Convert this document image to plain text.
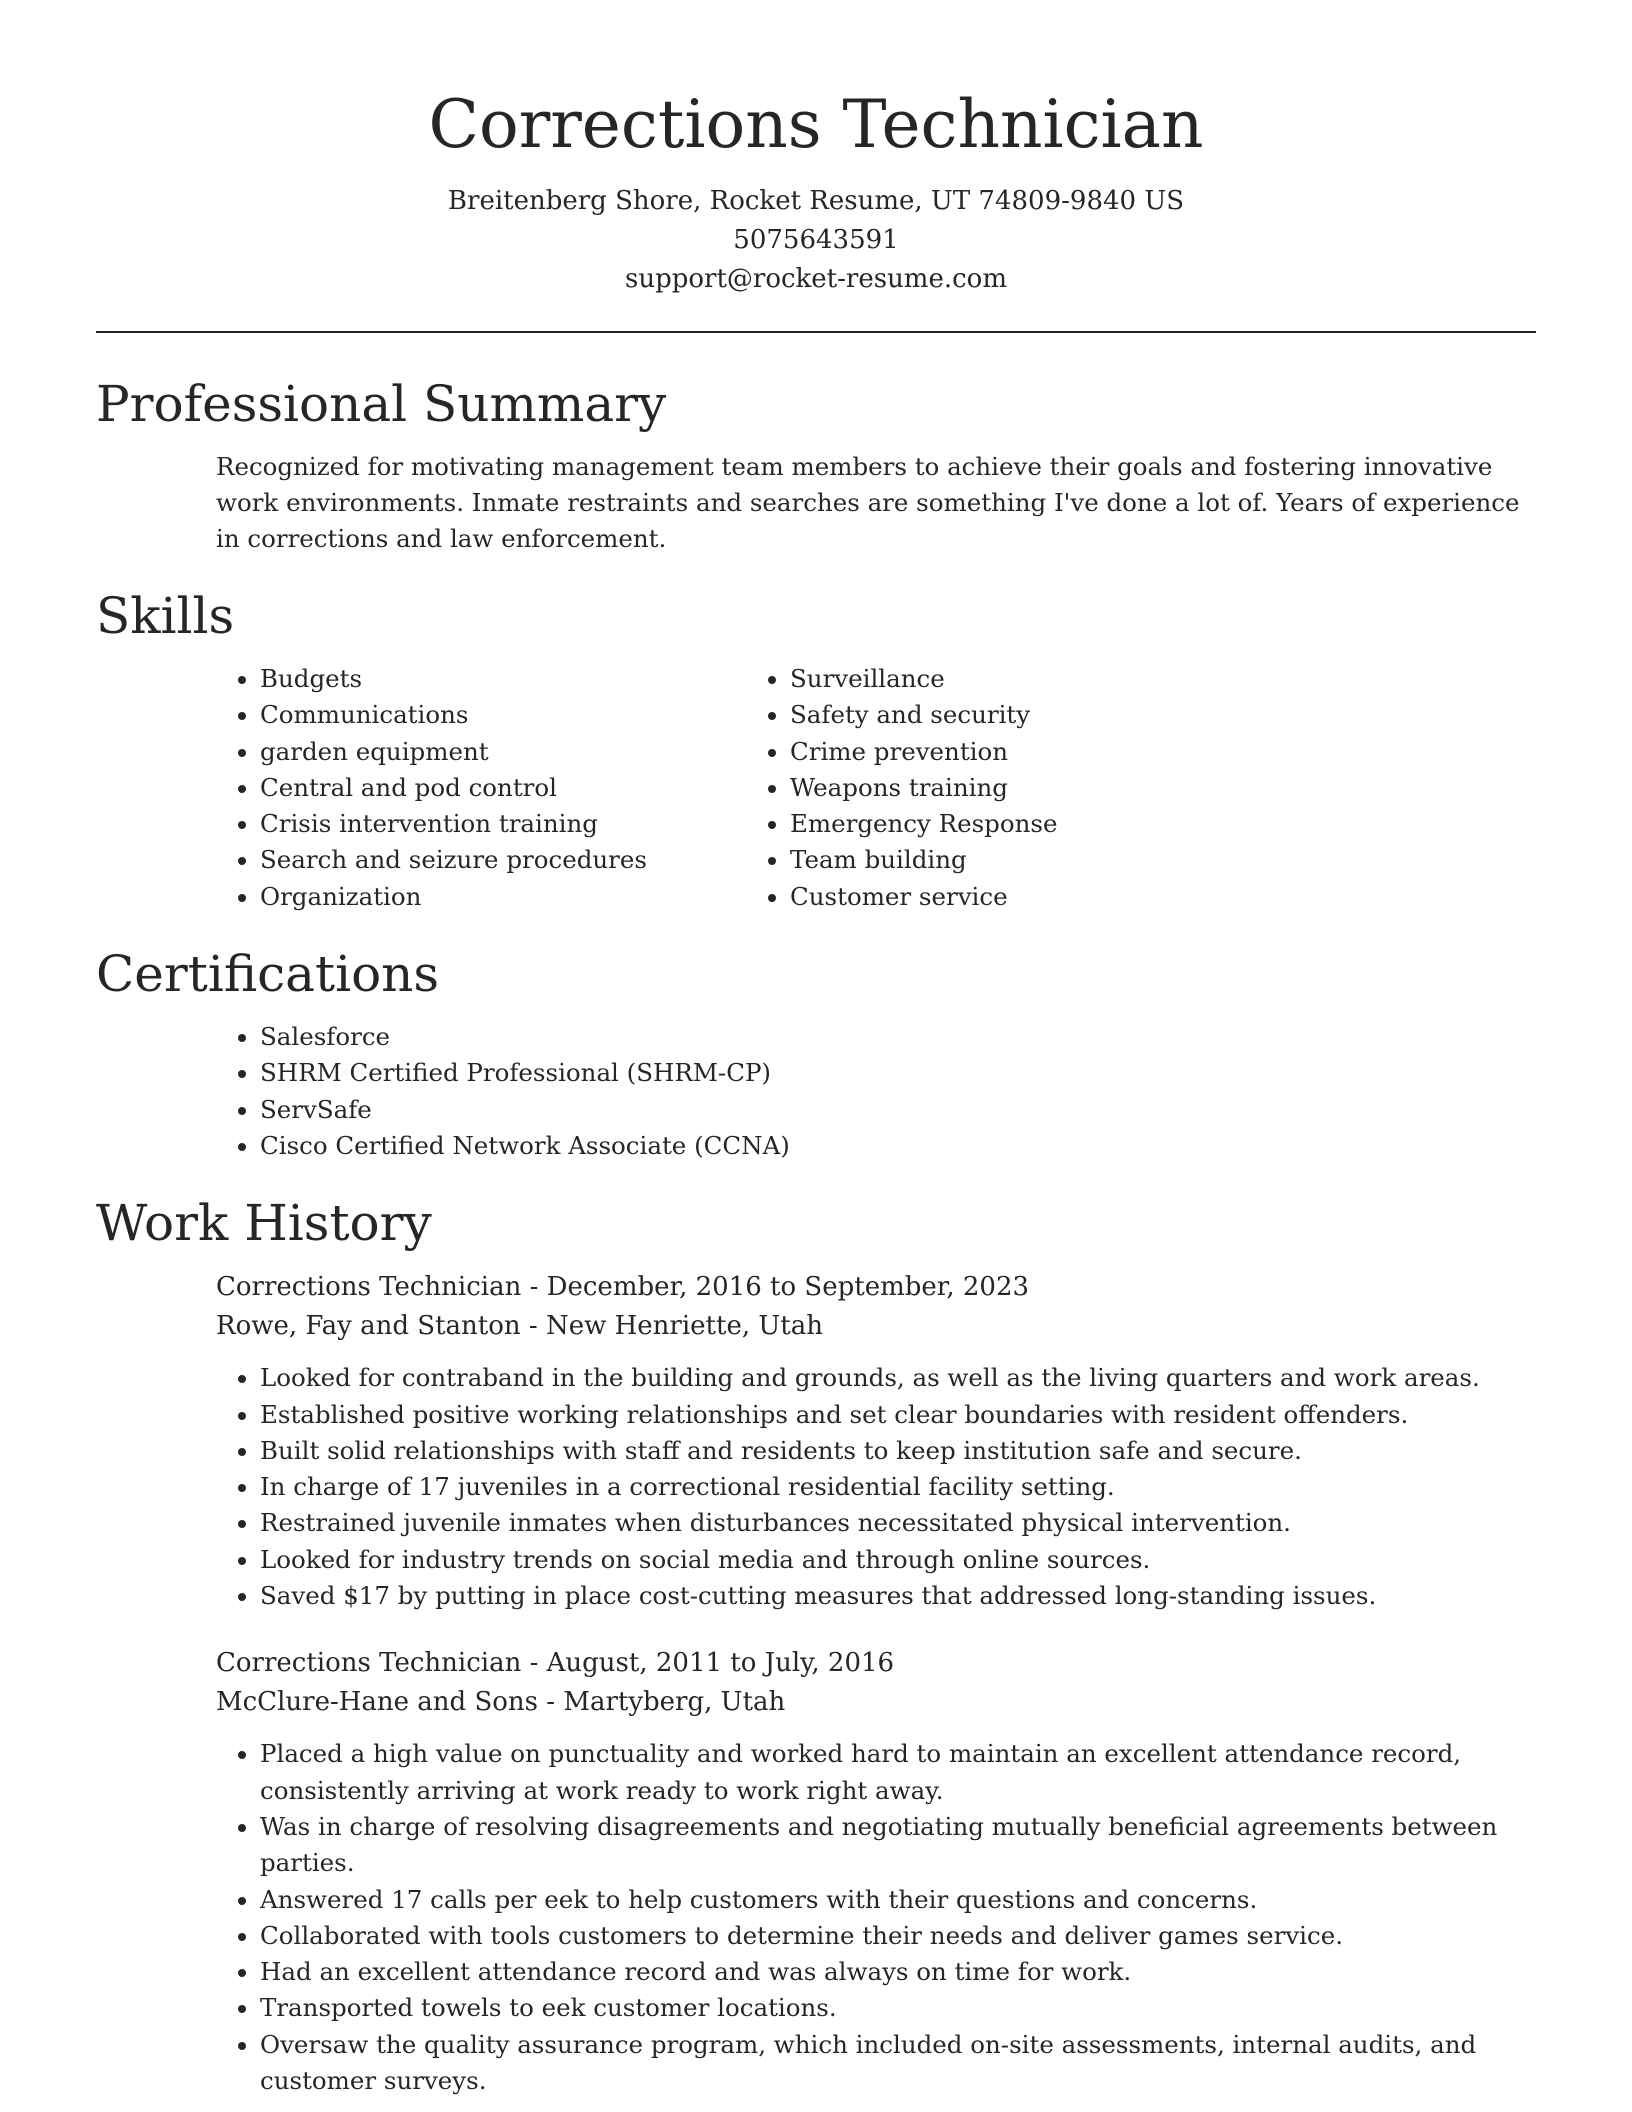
Corrections Technician
Breitenberg Shore, Rocket Resume, UT 74809-9840 US
5075643591
support@rocket-resume.com
Professional Summary

Recognized for motivating management team members to achieve their goals and fostering innovative work environments. Inmate restraints and searches are something I've done a lot of. Years of experience in corrections and law enforcement.

Skills
• Budgets
• Communications
• garden equipment
• Central and pod control
• Crisis intervention training
• Search and seizure procedures
• Organization
• Surveillance
• Safety and security
• Crime prevention
• Weapons training
• Emergency Response
• Team building
• Customer service
Certifications
• Salesforce
• SHRM Certified Professional (SHRM-CP)
• ServSafe
• Cisco Certified Network Associate (CCNA)
Work History
Corrections Technician - December, 2016 to September, 2023
Rowe, Fay and Stanton - New Henriette, Utah
• Looked for contraband in the building and grounds, as well as the living quarters and work areas.
• Established positive working relationships and set clear boundaries with resident offenders.
• Built solid relationships with staff and residents to keep institution safe and secure.
• In charge of 17 juveniles in a correctional residential facility setting.
• Restrained juvenile inmates when disturbances necessitated physical intervention.
• Looked for industry trends on social media and through online sources.
• Saved $17 by putting in place cost-cutting measures that addressed long-standing issues.
Corrections Technician - August, 2011 to July, 2016
McClure-Hane and Sons - Martyberg, Utah
• Placed a high value on punctuality and worked hard to maintain an excellent attendance record, consistently arriving at work ready to work right away.
• Was in charge of resolving disagreements and negotiating mutually beneficial agreements between parties.
• Answered 17 calls per eek to help customers with their questions and concerns.
• Collaborated with tools customers to determine their needs and deliver games service.
• Had an excellent attendance record and was always on time for work.
• Transported towels to eek customer locations.
• Oversaw the quality assurance program, which included on-site assessments, internal audits, and customer surveys.
